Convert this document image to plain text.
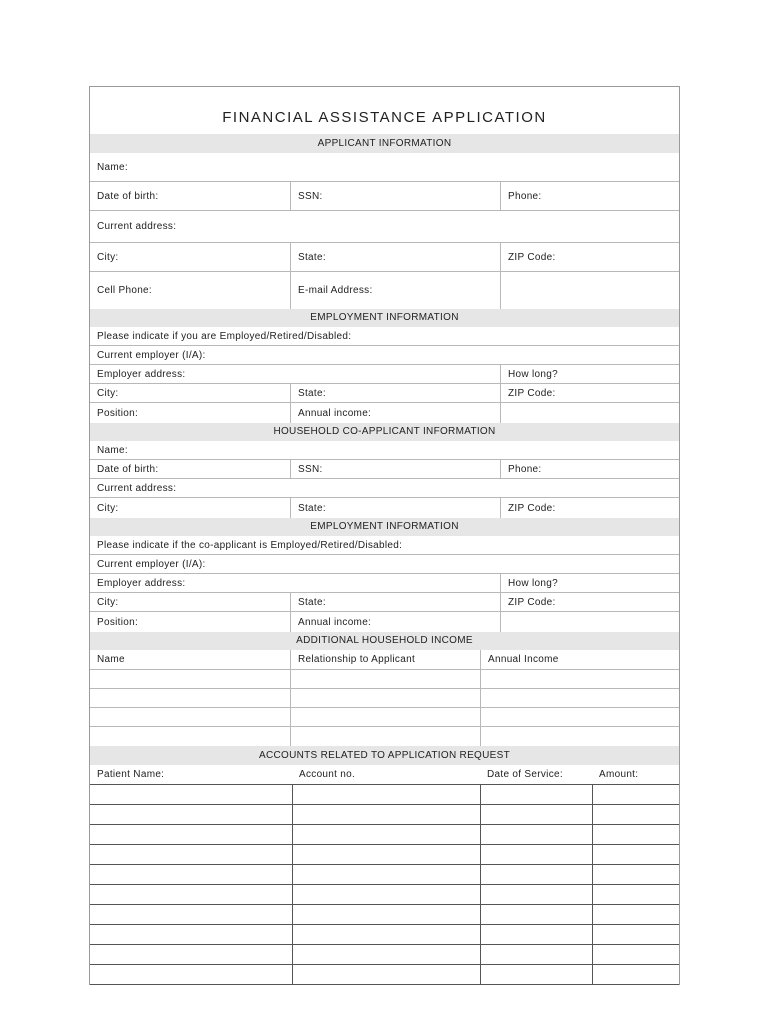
FINANCIAL ASSISTANCE APPLICATION
APPLICANT INFORMATION
Name:
Date of birth:	SSN:	Phone:
Current address:
City:	State:	ZIP Code:
Cell Phone:	E-mail Address:
EMPLOYMENT INFORMATION
Please indicate if you are Employed/Retired/Disabled:
Current employer (I/A):
Employer address:	How long?
City:	State:	ZIP Code:
Position:	Annual income:
HOUSEHOLD CO-APPLICANT INFORMATION
Name:
Date of birth:	SSN:	Phone:
Current address:
City:	State:	ZIP Code:
EMPLOYMENT INFORMATION
Please indicate if the co-applicant is Employed/Retired/Disabled:
Current employer (I/A):
Employer address:	How long?
City:	State:	ZIP Code:
Position:	Annual income:
ADDITIONAL HOUSEHOLD INCOME
Name	Relationship to Applicant	Annual Income
ACCOUNTS RELATED TO APPLICATION REQUEST
Patient Name:	Account no.	Date of Service:	Amount:
